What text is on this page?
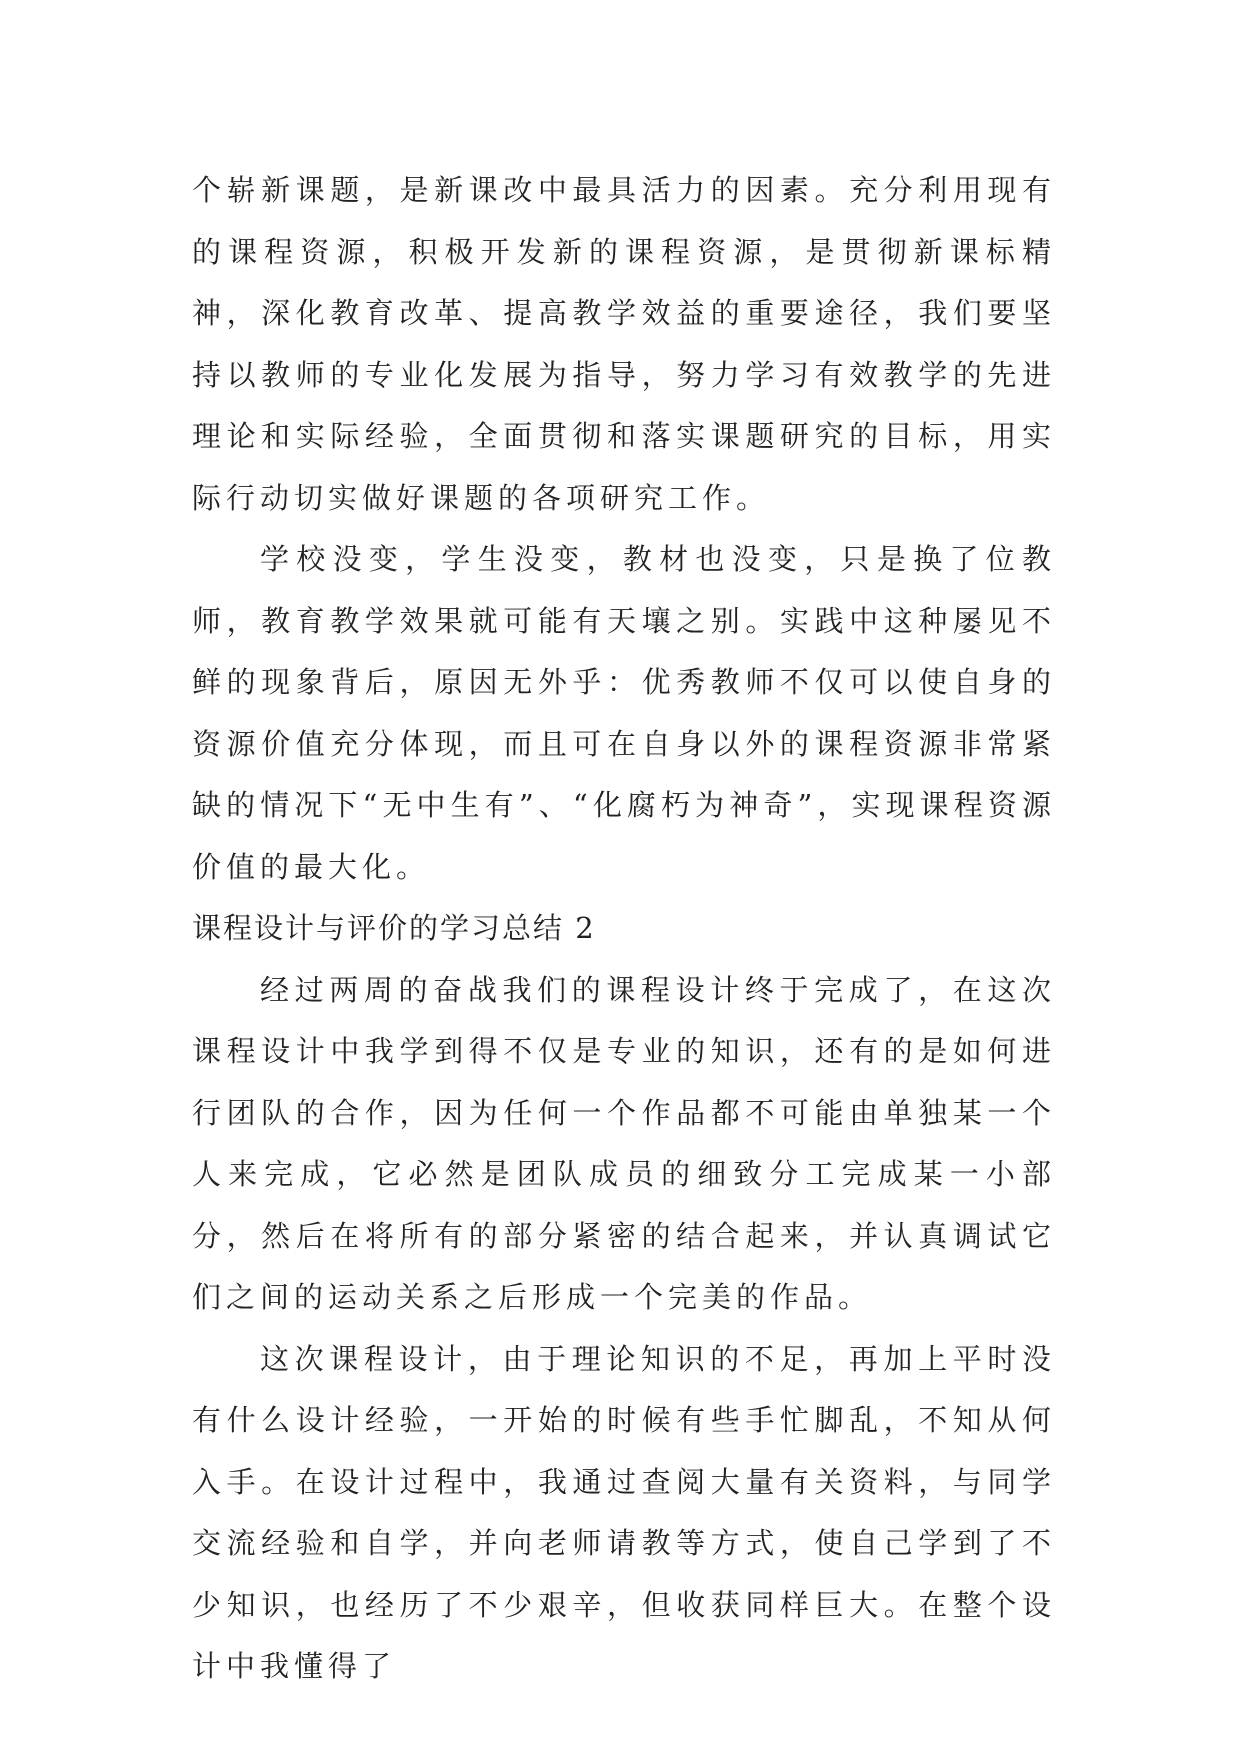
个崭新课题，是新课改中最具活力的因素。充分利用现有的课程资源，积极开发新的课程资源，是贯彻新课标精神，深化教育改革、提高教学效益的重要途径，我们要坚持以教师的专业化发展为指导，努力学习有效教学的先进理论和实际经验，全面贯彻和落实课题研究的目标，用实际行动切实做好课题的各项研究工作。

学校没变，学生没变，教材也没变，只是换了位教师，教育教学效果就可能有天壤之别。实践中这种屡见不鲜的现象背后，原因无外乎：优秀教师不仅可以使自身的资源价值充分体现，而且可在自身以外的课程资源非常紧缺的情况下“无中生有”、“化腐朽为神奇”，实现课程资源价值的最大化。

课程设计与评价的学习总结 2

经过两周的奋战我们的课程设计终于完成了，在这次课程设计中我学到得不仅是专业的知识，还有的是如何进行团队的合作，因为任何一个作品都不可能由单独某一个人来完成，它必然是团队成员的细致分工完成某一小部分，然后在将所有的部分紧密的结合起来，并认真调试它们之间的运动关系之后形成一个完美的作品。

这次课程设计，由于理论知识的不足，再加上平时没有什么设计经验，一开始的时候有些手忙脚乱，不知从何入手。在设计过程中，我通过查阅大量有关资料，与同学交流经验和自学，并向老师请教等方式，使自己学到了不少知识，也经历了不少艰辛，但收获同样巨大。在整个设计中我懂得了
